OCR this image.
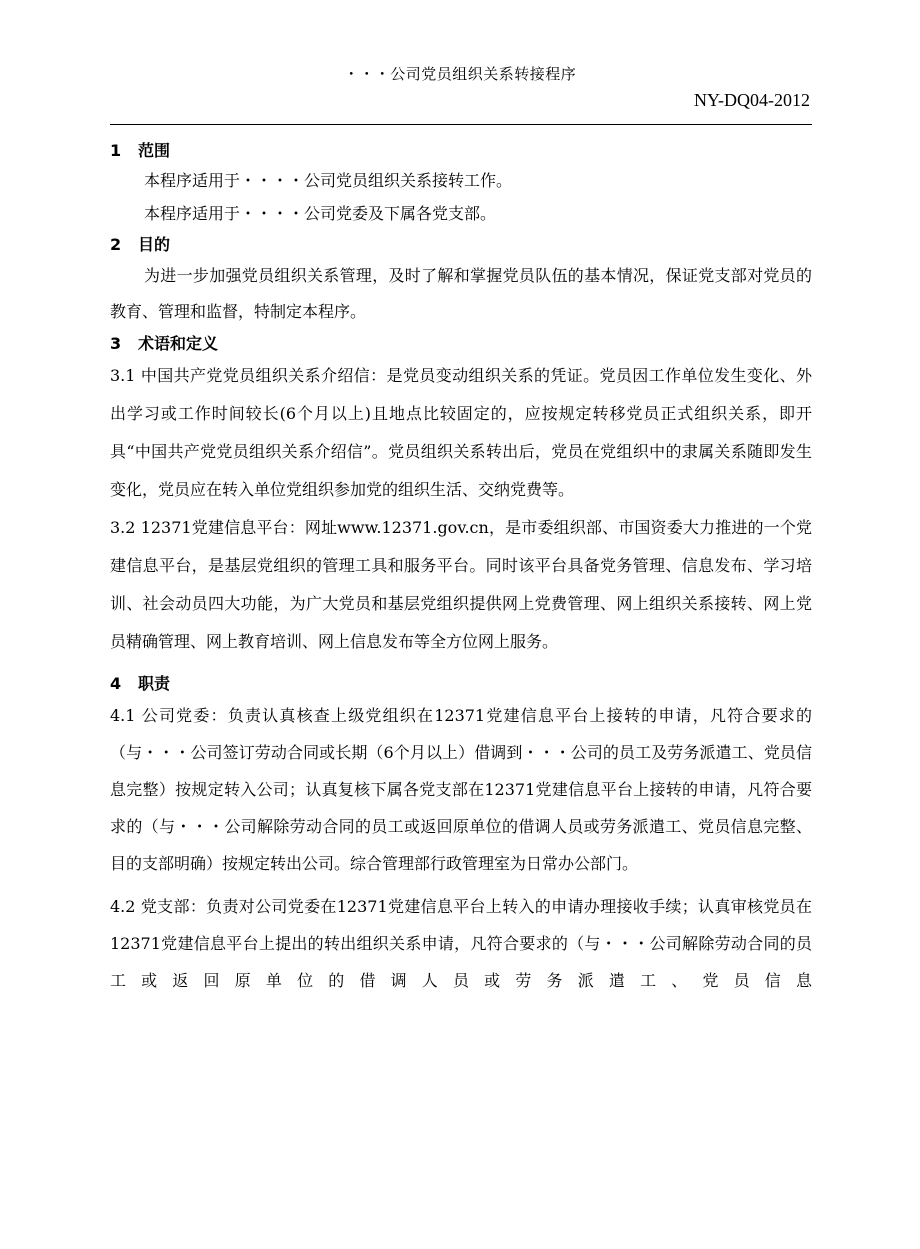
・・・公司党员组织关系转接程序
NY-DQ04-2012
1 范围

本程序适用于・・・・公司党员组织关系接转工作。

本程序适用于・・・・公司党委及下属各党支部。

2 目的

为进一步加强党员组织关系管理，及时了解和掌握党员队伍的基本情况，保证党支部对党员的教育、管理和监督，特制定本程序。

3 术语和定义

3.1 中国共产党党员组织关系介绍信：是党员变动组织关系的凭证。党员因工作单位发生变化、外出学习或工作时间较长(6个月以上)且地点比较固定的，应按规定转移党员正式组织关系，即开具“中国共产党党员组织关系介绍信”。党员组织关系转出后，党员在党组织中的隶属关系随即发生变化，党员应在转入单位党组织参加党的组织生活、交纳党费等。

3.2 12371党建信息平台：网址www.12371.gov.cn，是市委组织部、市国资委大力推进的一个党建信息平台，是基层党组织的管理工具和服务平台。同时该平台具备党务管理、信息发布、学习培训、社会动员四大功能，为广大党员和基层党组织提供网上党费管理、网上组织关系接转、网上党员精确管理、网上教育培训、网上信息发布等全方位网上服务。

4 职责

4.1 公司党委：负责认真核查上级党组织在12371党建信息平台上接转的申请，凡符合要求的（与・・・公司签订劳动合同或长期（6个月以上）借调到・・・公司的员工及劳务派遣工、党员信息完整）按规定转入公司；认真复核下属各党支部在12371党建信息平台上接转的申请，凡符合要求的（与・・・公司解除劳动合同的员工或返回原单位的借调人员或劳务派遣工、党员信息完整、目的支部明确）按规定转出公司。综合管理部行政管理室为日常办公部门。

4.2 党支部：负责对公司党委在12371党建信息平台上转入的申请办理接收手续；认真审核党员在12371党建信息平台上提出的转出组织关系申请，凡符合要求的（与・・・公司解除劳动合同的员工或返回原单位的借调人员或劳务派遣工、党员信息
